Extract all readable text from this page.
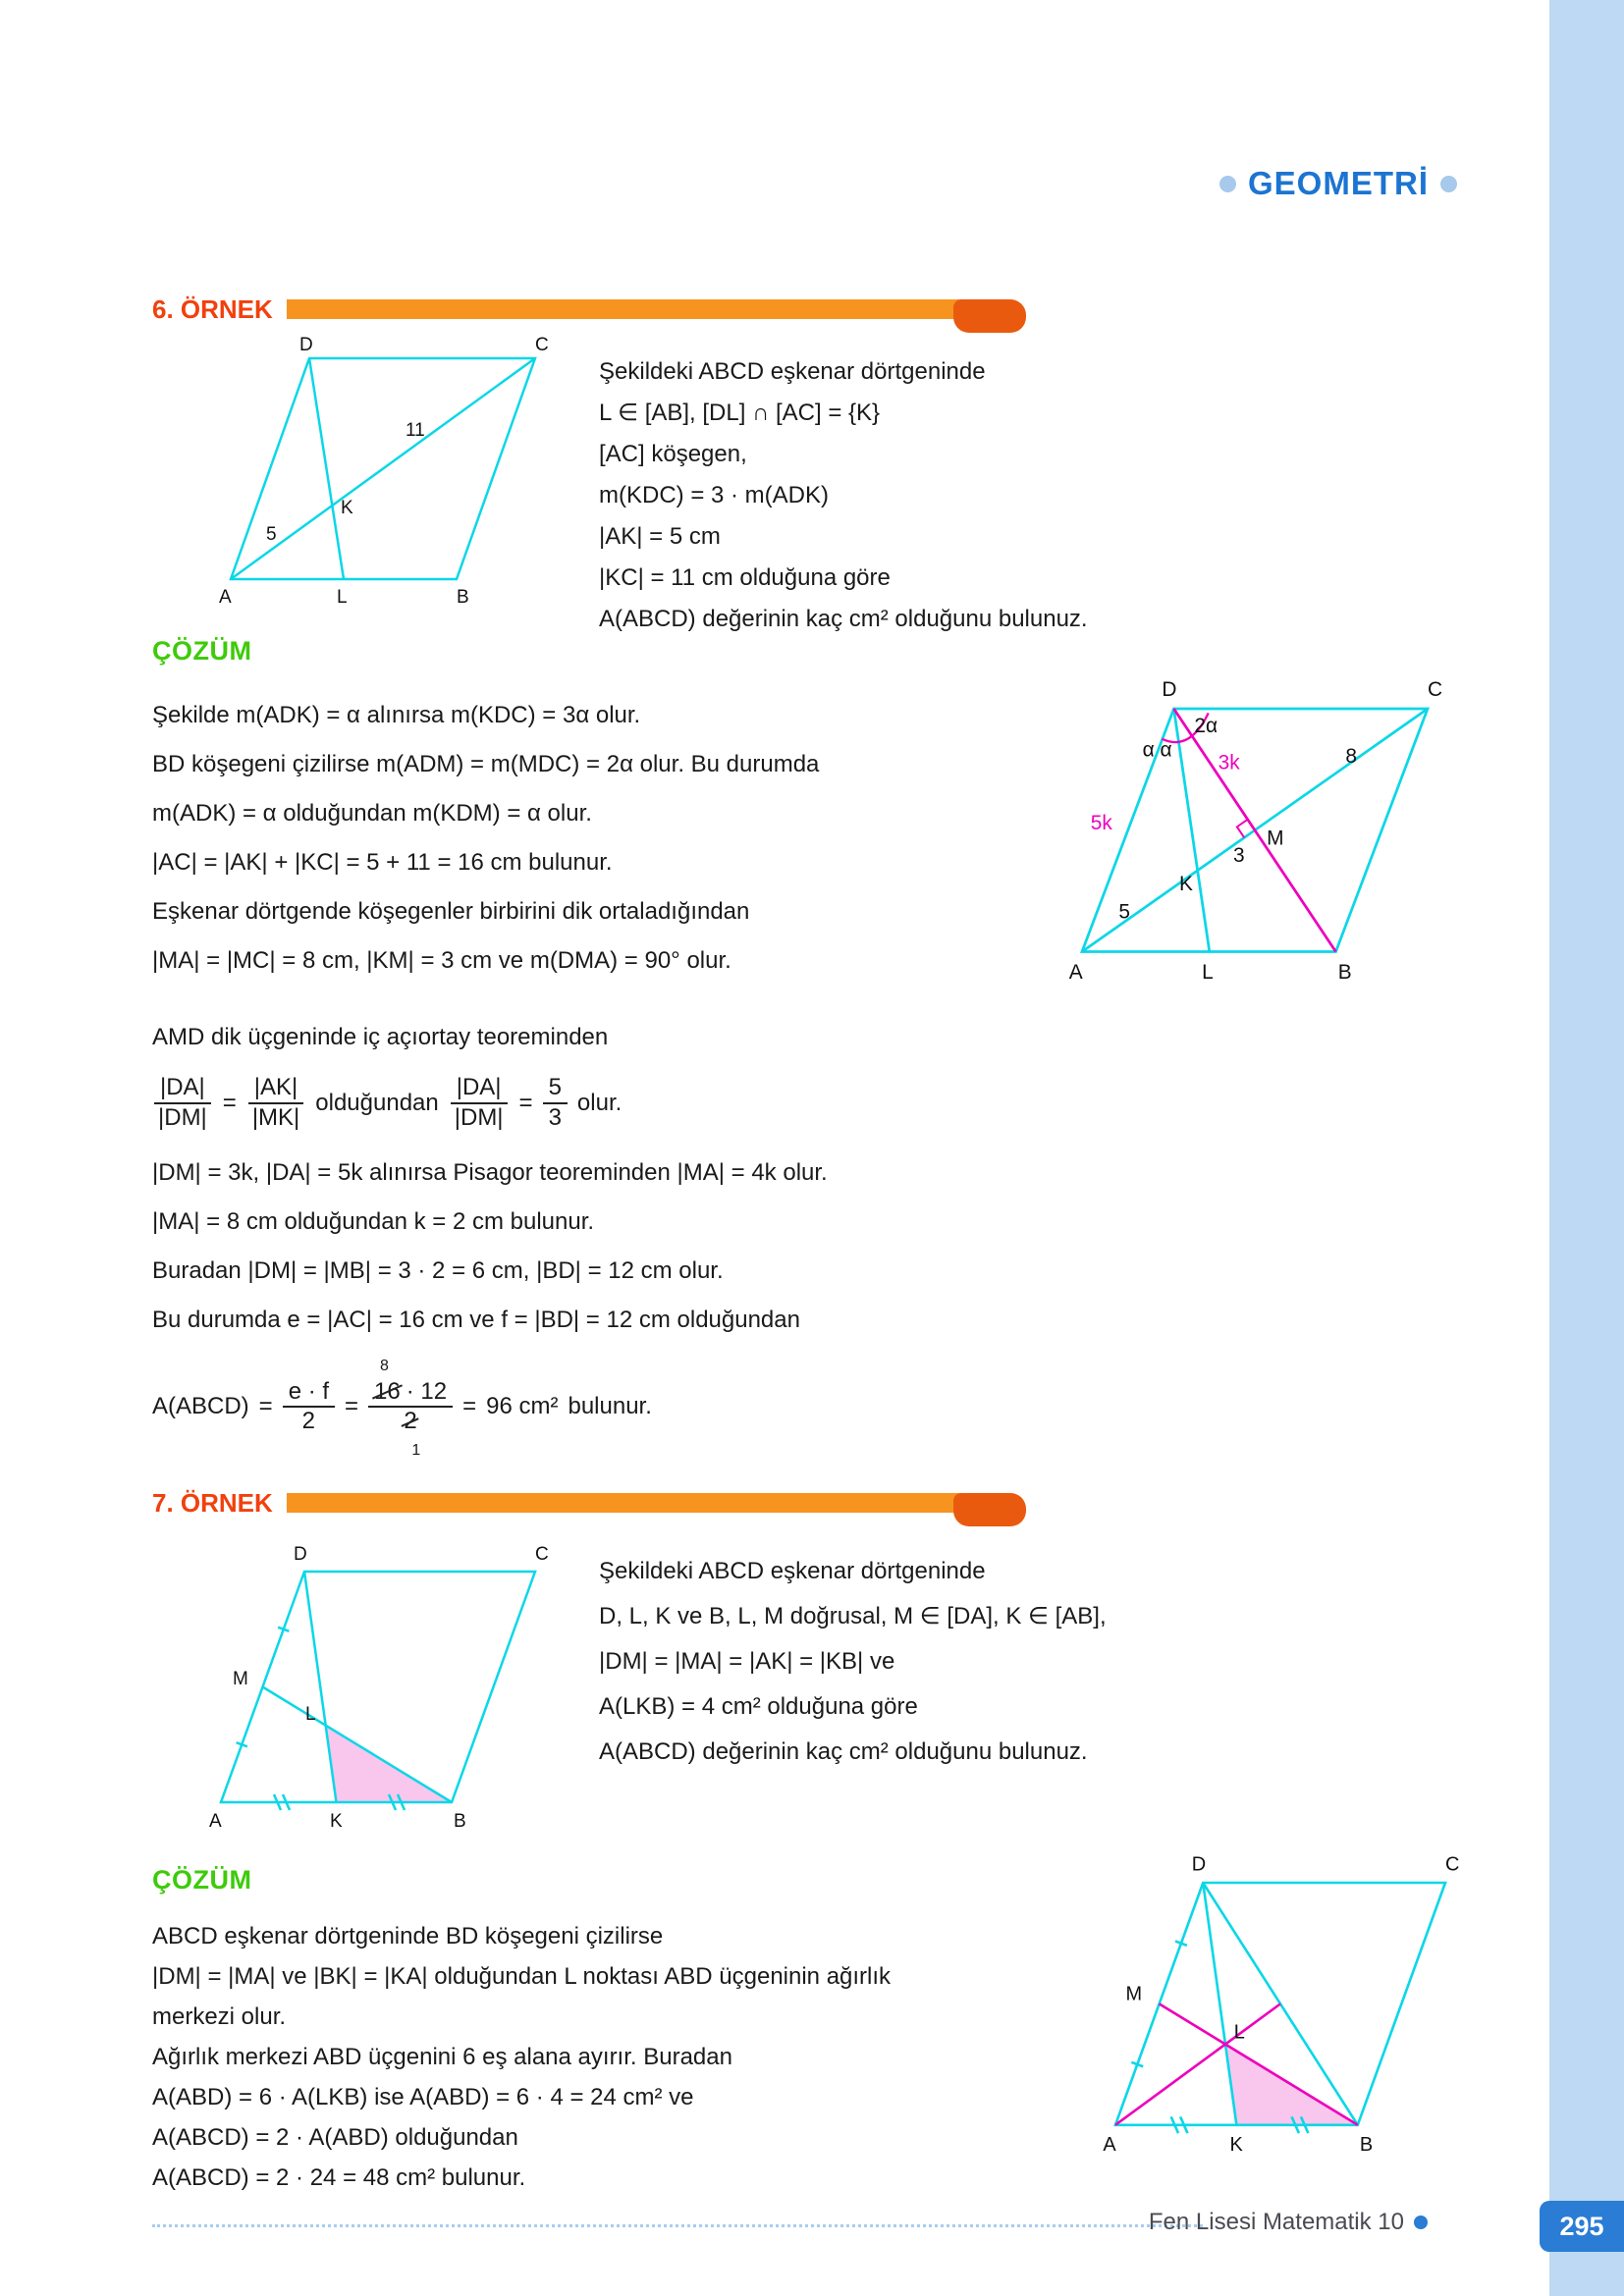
GEOMETRİ
6. ÖRNEK
D	C
A	L	B
K
11
5
Şekildeki ABCD eşkenar dörtgeninde
L ∈ [AB], [DL] ∩ [AC] = {K}
[AC] köşegen,
m(KDC) = 3 · m(ADK)
|AK| = 5 cm
|KC| = 11 cm olduğuna göre
A(ABCD) değerinin kaç cm² olduğunu bulunuz.
ÇÖZÜM
Şekilde m(ADK) = α alınırsa m(KDC) = 3α olur.
BD köşegeni çizilirse m(ADM) = m(MDC) = 2α olur. Bu durumda
m(ADK) = α olduğundan m(KDM) = α olur.
|AC| = |AK| + |KC| = 5 + 11 = 16 cm bulunur.
Eşkenar dörtgende köşegenler birbirini dik ortaladığından
|MA| = |MC| = 8 cm, |KM| = 3 cm ve m(DMA) = 90° olur.
D	C
A	L	B
K
M
2α
α α	8
5
3
3k
5k
AMD dik üçgeninde iç açıortay teoreminden
$\frac{|DA|}{|DM|} = \frac{|AK|}{|MK|}$ olduğundan $\frac{|DA|}{|DM|} = \frac{5}{3}$ olur.
|DM| = 3k, |DA| = 5k alınırsa Pisagor teoreminden |MA| = 4k olur.
|MA| = 8 cm olduğundan k = 2 cm bulunur.
Buradan |DM| = |MB| = 3 · 2 = 6 cm, |BD| = 12 cm olur.
Bu durumda e = |AC| = 16 cm ve f = |BD| = 12 cm olduğundan
A(ABCD) = $\frac{e \cdot f}{2} = 8$
16 · 12
2
1 = 96 cm² bulunur.
7. ÖRNEK
D	C
M
L
A	K	B
Şekildeki ABCD eşkenar dörtgeninde
D, L, K ve B, L, M doğrusal, M ∈ [DA], K ∈ [AB],
|DM| = |MA| = |AK| = |KB| ve
A(LKB) = 4 cm² olduğuna göre
A(ABCD) değerinin kaç cm² olduğunu bulunuz.
ÇÖZÜM
ABCD eşkenar dörtgeninde BD köşegeni çizilirse
|DM| = |MA| ve |BK| = |KA| olduğundan L noktası ABD üçgeninin ağırlık
merkezi olur.
Ağırlık merkezi ABD üçgenini 6 eş alana ayırır. Buradan
A(ABD) = 6 · A(LKB) ise A(ABD) = 6 · 4 = 24 cm² ve
A(ABCD) = 2 · A(ABD) olduğundan
A(ABCD) = 2 · 24 = 48 cm² bulunur.
D	C
M
L
A	K	B
Fen Lisesi Matematik 10	295
